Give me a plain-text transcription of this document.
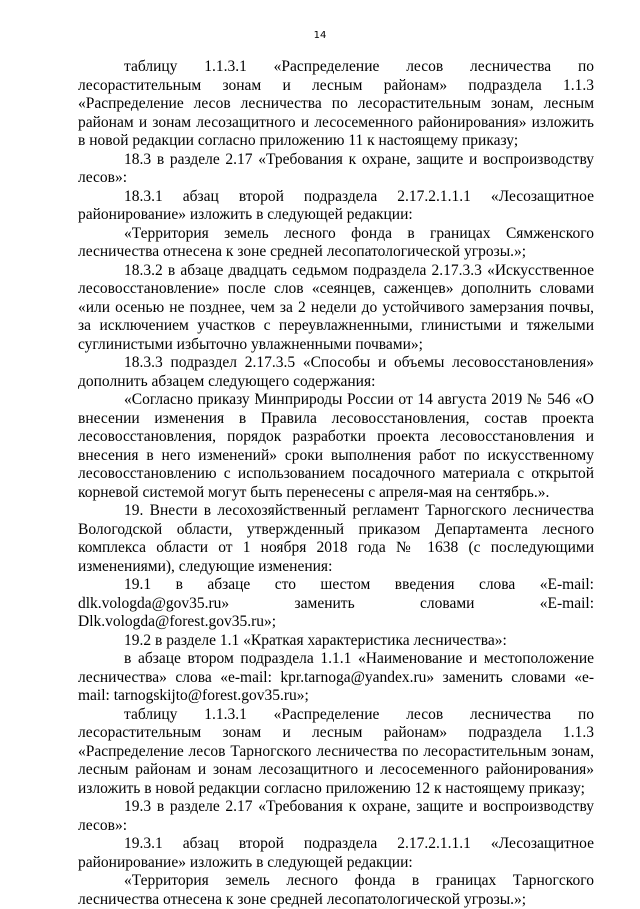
14

таблицу 1.1.3.1 «Распределение лесов лесничества по лесорастительным зонам и лесным районам» подраздела 1.1.3 «Распределение лесов лесничества по лесорастительным зонам, лесным районам и зонам лесозащитного и лесосеменного районирования» изложить в новой редакции согласно приложению 11 к настоящему приказу;

18.3 в разделе 2.17 «Требования к охране, защите и воспроизводству лесов»:

18.3.1 абзац второй подраздела 2.17.2.1.1.1 «Лесозащитное районирование» изложить в следующей редакции:

«Территория земель лесного фонда в границах Сямженского лесничества отнесена к зоне средней лесопатологической угрозы.»;

18.3.2 в абзаце двадцать седьмом подраздела 2.17.3.3 «Искусственное лесовосстановление» после слов «сеянцев, саженцев» дополнить словами «или осенью не позднее, чем за 2 недели до устойчивого замерзания почвы, за исключением участков с переувлажненными, глинистыми и тяжелыми суглинистыми избыточно увлажненными почвами»;

18.3.3 подраздел 2.17.3.5 «Способы и объемы лесовосстановления» дополнить абзацем следующего содержания:

«Согласно приказу Минприроды России от 14 августа 2019 № 546 «О внесении изменения в Правила лесовосстановления, состав проекта лесовосстановления, порядок разработки проекта лесовосстановления и внесения в него изменений» сроки выполнения работ по искусственному лесовосстановлению с использованием посадочного материала с открытой корневой системой могут быть перенесены с апреля-мая на сентябрь.».

19. Внести в лесохозяйственный регламент Тарногского лесничества Вологодской области, утвержденный приказом Департамента лесного комплекса области от 1 ноября 2018 года № 1638 (с последующими изменениями), следующие изменения:

19.1 в абзаце сто шестом введения слова «E-mail: dlk.vologda@gov35.ru» заменить словами «E-mail: Dlk.vologda@forest.gov35.ru»;

19.2 в разделе 1.1 «Краткая характеристика лесничества»:

в абзаце втором подраздела 1.1.1 «Наименование и местоположение лесничества» слова «e-mail: kpr.tarnoga@yandex.ru» заменить словами «e-mail: tarnogskijto@forest.gov35.ru»;

таблицу 1.1.3.1 «Распределение лесов лесничества по лесорастительным зонам и лесным районам» подраздела 1.1.3 «Распределение лесов Тарногского лесничества по лесорастительным зонам, лесным районам и зонам лесозащитного и лесосеменного районирования» изложить в новой редакции согласно приложению 12 к настоящему приказу;

19.3 в разделе 2.17 «Требования к охране, защите и воспроизводству лесов»:

19.3.1 абзац второй подраздела 2.17.2.1.1.1 «Лесозащитное районирование» изложить в следующей редакции:

«Территория земель лесного фонда в границах Тарногского лесничества отнесена к зоне средней лесопатологической угрозы.»;
